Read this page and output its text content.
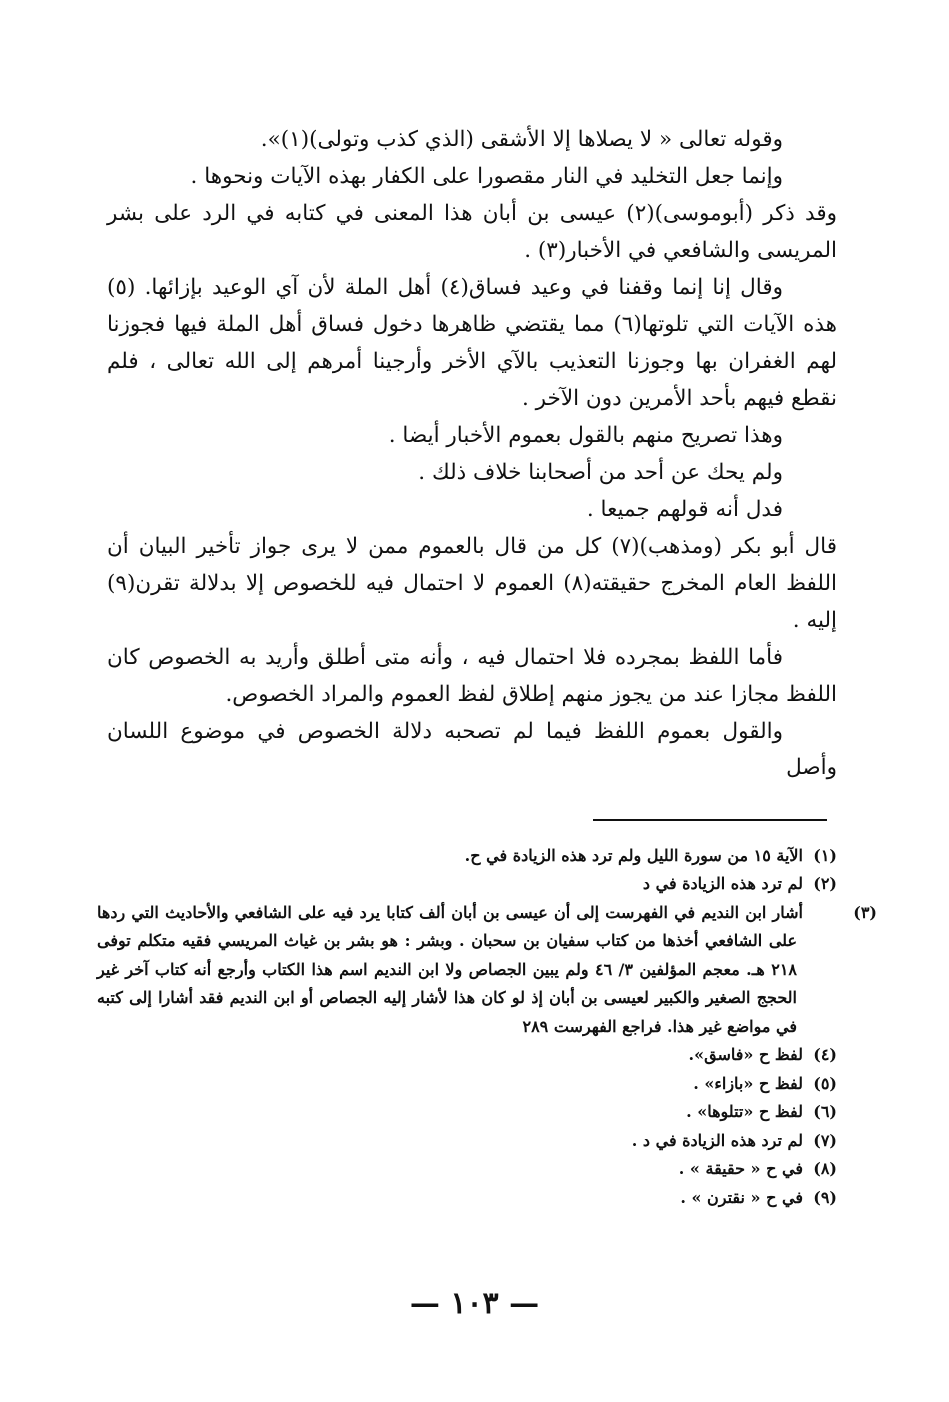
وقوله تعالى « لا يصلاها إلا الأشقى (الذي كذب وتولى)(١)».

وإنما جعل التخليد في النار مقصورا على الكفار بهذه الآيات ونحوها .

وقد ذكر (أبوموسى)(٢) عيسى بن أبان هذا المعنى في كتابه في الرد على بشر المريسى والشافعي في الأخبار(٣) .

وقال إنا إنما وقفنا في وعيد فساق(٤) أهل الملة لأن آي الوعيد بإزائها. (٥) هذه الآيات التي تلوتها(٦) مما يقتضي ظاهرها دخول فساق أهل الملة فيها فجوزنا لهم الغفران بها وجوزنا التعذيب بالآي الأخر وأرجينا أمرهم إلى الله تعالى ، فلم نقطع فيهم بأحد الأمرين دون الآخر .

وهذا تصريح منهم بالقول بعموم الأخبار أيضا .

ولم يحك عن أحد من أصحابنا خلاف ذلك .

فدل أنه قولهم جميعا .

قال أبو بكر (ومذهب)(٧) كل من قال بالعموم ممن لا يرى جواز تأخير البيان أن اللفظ العام المخرج حقيقته(٨) العموم لا احتمال فيه للخصوص إلا بدلالة تقرن(٩) إليه .

فأما اللفظ بمجرده فلا احتمال فيه ، وأنه متى أطلق وأريد به الخصوص كان اللفظ مجازا عند من يجوز منهم إطلاق لفظ العموم والمراد الخصوص.

والقول بعموم اللفظ فيما لم تصحبه دلالة الخصوص في موضوع اللسان وأصل

(١)الآية ١٥ من سورة الليل ولم ترد هذه الزيادة في ح.

(٢)لم ترد هذه الزيادة في د

(٣)أشار ابن النديم في الفهرست إلى أن عيسى بن أبان ألف كتابا يرد فيه على الشافعي والأحاديث التي ردها على الشافعي أخذها من كتاب سفيان بن سحبان . وبشر : هو بشر بن غياث المريسي فقيه متكلم توفى ٢١٨ هـ. معجم المؤلفين ٣/ ٤٦ ولم يبين الجصاص ولا ابن النديم اسم هذا الكتاب وأرجع أنه كتاب آخر غير الحجج الصغير والكبير لعيسى بن أبان إذ لو كان هذا لأشار إليه الجصاص أو ابن النديم فقد أشارا إلى كتبه في مواضع غير هذا. فراجع الفهرست ٢٨٩

(٤)لفظ ح «فاسق».

(٥)لفظ ح «بازاء» .

(٦)لفظ ح «تتلوها» .

(٧)لم ترد هذه الزيادة في د .

(٨)في ح « حقيقة » .

(٩)في ح « نقترن » .

— ١٠٣ —
